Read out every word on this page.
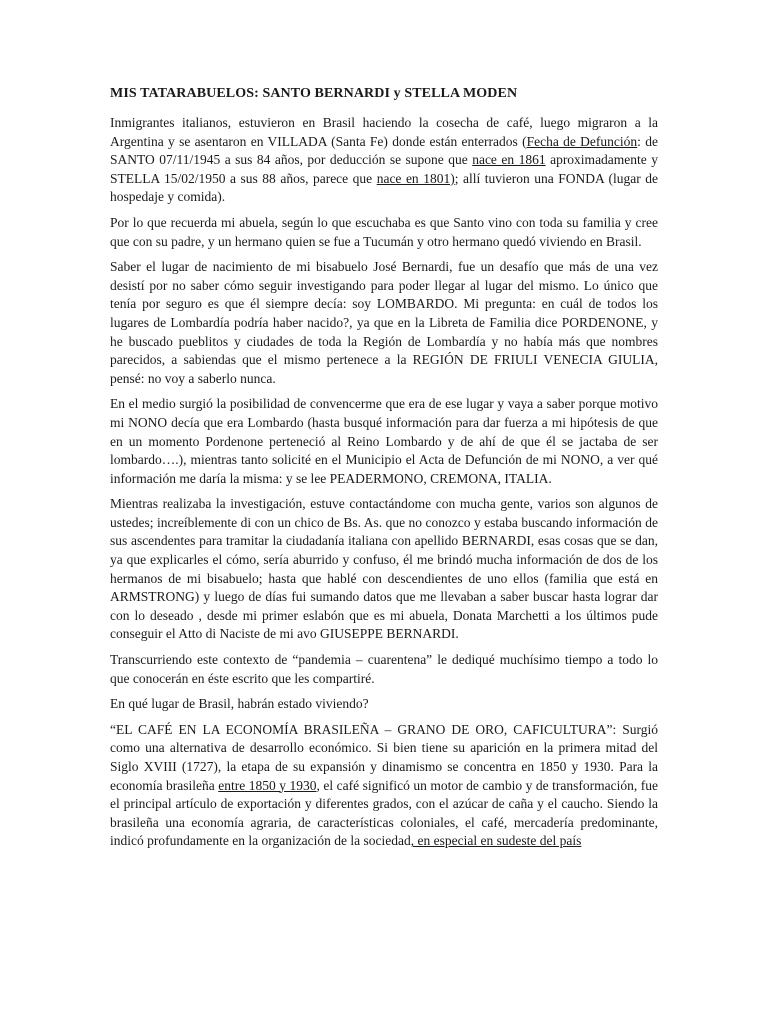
MIS TATARABUELOS: SANTO BERNARDI y STELLA MODEN

Inmigrantes italianos, estuvieron en Brasil haciendo la cosecha de café, luego migraron a la Argentina y se asentaron en VILLADA (Santa Fe) donde están enterrados (Fecha de Defunción: de SANTO 07/11/1945 a sus 84 años, por deducción se supone que nace en 1861 aproximadamente y STELLA 15/02/1950 a sus 88 años, parece que nace en 1801); allí tuvieron una FONDA (lugar de hospedaje y comida).

Por lo que recuerda mi abuela, según lo que escuchaba es que Santo vino con toda su familia y cree que con su padre, y un hermano quien se fue a Tucumán y otro hermano quedó viviendo en Brasil.

Saber el lugar de nacimiento de mi bisabuelo José Bernardi, fue un desafío que más de una vez desistí por no saber cómo seguir investigando para poder llegar al lugar del mismo. Lo único que tenía por seguro es que él siempre decía: soy LOMBARDO. Mi pregunta: en cuál de todos los lugares de Lombardía podría haber nacido?, ya que en la Libreta de Familia dice PORDENONE, y he buscado pueblitos y ciudades de toda la Región de Lombardía y no había más que nombres parecidos, a sabiendas que el mismo pertenece a la REGIÓN DE FRIULI VENECIA GIULIA, pensé: no voy a saberlo nunca.

En el medio surgió la posibilidad de convencerme que era de ese lugar y vaya a saber porque motivo mi NONO decía que era Lombardo (hasta busqué información para dar fuerza a mi hipótesis de que en un momento Pordenone perteneció al Reino Lombardo y de ahí de que él se jactaba de ser lombardo….), mientras tanto solicité en el Municipio el Acta de Defunción de mi NONO, a ver qué información me daría la misma: y se lee PEADERMONO, CREMONA, ITALIA.

Mientras realizaba la investigación, estuve contactándome con mucha gente, varios son algunos de ustedes; increíblemente di con un chico de Bs. As. que no conozco y estaba buscando información de sus ascendentes para tramitar la ciudadanía italiana con apellido BERNARDI, esas cosas que se dan, ya que explicarles el cómo, sería aburrido y confuso, él me brindó mucha información de dos de los hermanos de mi bisabuelo; hasta que hablé con descendientes de uno ellos (familia que está en ARMSTRONG) y luego de días fui sumando datos que me llevaban a saber buscar hasta lograr dar con lo deseado , desde mi primer eslabón que es mi abuela, Donata Marchetti a los últimos pude conseguir el Atto di Naciste de mi avo GIUSEPPE BERNARDI.

Transcurriendo este contexto de “pandemia – cuarentena” le dediqué muchísimo tiempo a todo lo que conocerán en éste escrito que les compartiré.

En qué lugar de Brasil, habrán estado viviendo?

“EL CAFÉ EN LA ECONOMÍA BRASILEÑA – GRANO DE ORO, CAFICULTURA”: Surgió como una alternativa de desarrollo económico. Si bien tiene su aparición en la primera mitad del Siglo XVIII (1727), la etapa de su expansión y dinamismo se concentra en 1850 y 1930. Para la economía brasileña entre 1850 y 1930, el café significó un motor de cambio y de transformación, fue el principal artículo de exportación y diferentes grados, con el azúcar de caña y el caucho. Siendo la brasileña una economía agraria, de características coloniales, el café, mercadería predominante, indicó profundamente en la organización de la sociedad, en especial en sudeste del país
